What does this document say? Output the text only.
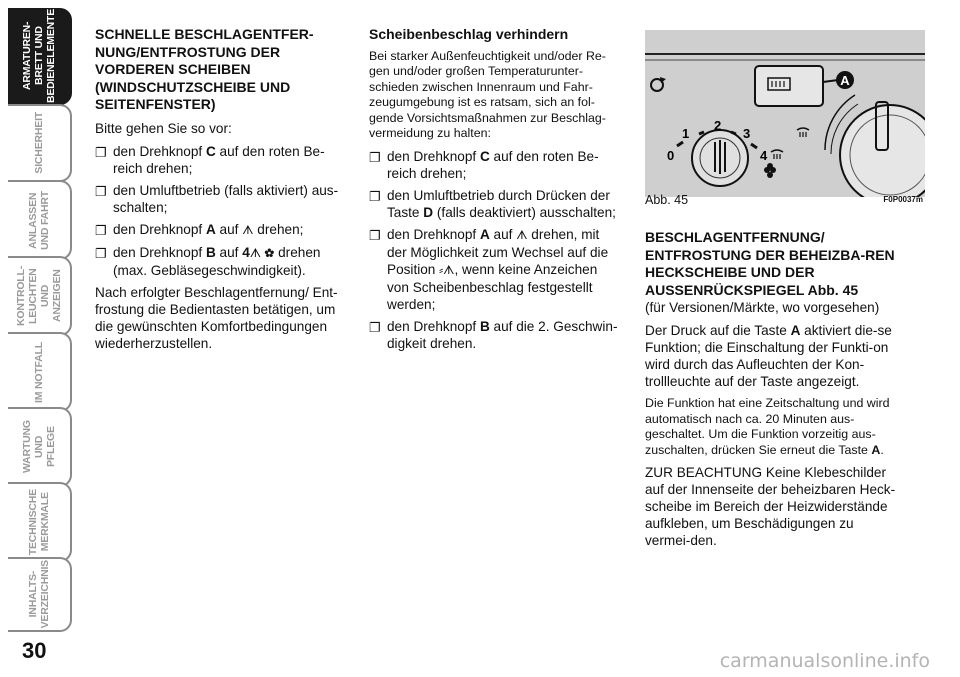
ARMATUREN-
BRETT UND
BEDIENELEMENTE
SICHERHEIT
ANLASSEN
UND FAHRT
KONTROLL-
LEUCHTEN UND
ANZEIGEN
IM NOTFALL
WARTUNG UND
PFLEGE
TECHNISCHE
MERKMALE
INHALTS-
VERZEICHNIS
30

SCHNELLE BESCHLAGENTFER-NUNG/ENTFROSTUNG DER VORDEREN SCHEIBEN (WINDSCHUTZSCHEIBE UND SEITENFENSTER)

Bitte gehen Sie so vor:

❐ den Drehknopf C auf den roten Be-reich drehen;
❐ den Umluftbetrieb (falls aktiviert) aus-schalten;
❐ den Drehknopf A auf ᗑ drehen;
❐ den Drehknopf B auf 4ᗑ ✿ drehen (max. Gebläsegeschwindigkeit).

Nach erfolgter Beschlagentfernung/ Ent-frostung die Bedientasten betätigen, um die gewünschten Komfortbedingungen wiederherzustellen.

Scheibenbeschlag verhindern

Bei starker Außenfeuchtigkeit und/oder Re-gen und/oder großen Temperaturunter-schieden zwischen Innenraum und Fahr-zeugumgebung ist es ratsam, sich an fol-gende Vorsichtsmaßnahmen zur Beschlag-vermeidung zu halten:

❐ den Drehknopf C auf den roten Be-reich drehen;
❐ den Umluftbetrieb durch Drücken der Taste D (falls deaktiviert) ausschalten;
❐ den Drehknopf A auf ᗑ drehen, mit der Möglichkeit zum Wechsel auf die Position ⸗ᗑ, wenn keine Anzeichen von Scheibenbeschlag festgestellt werden;
❐ den Drehknopf B auf die 2. Geschwin-digkeit drehen.
A
0
1
2
3
4
Abb. 45	F0P0037m

BESCHLAGENTFERNUNG/ ENTFROSTUNG DER BEHEIZBA-REN HECKSCHEIBE UND DER AUSSENRÜCKSPIEGEL Abb. 45

(für Versionen/Märkte, wo vorgesehen)

Der Druck auf die Taste A aktiviert die-se Funktion; die Einschaltung der Funkti-on wird durch das Aufleuchten der Kon-trollleuchte auf der Taste angezeigt.

Die Funktion hat eine Zeitschaltung und wird automatisch nach ca. 20 Minuten aus-geschaltet. Um die Funktion vorzeitig aus-zuschalten, drücken Sie erneut die Taste A.

ZUR BEACHTUNG Keine Klebeschilder auf der Innenseite der beheizbaren Heck-scheibe im Bereich der Heizwiderstände aufkleben, um Beschädigungen zu vermei-den.

carmanualsonline.info
